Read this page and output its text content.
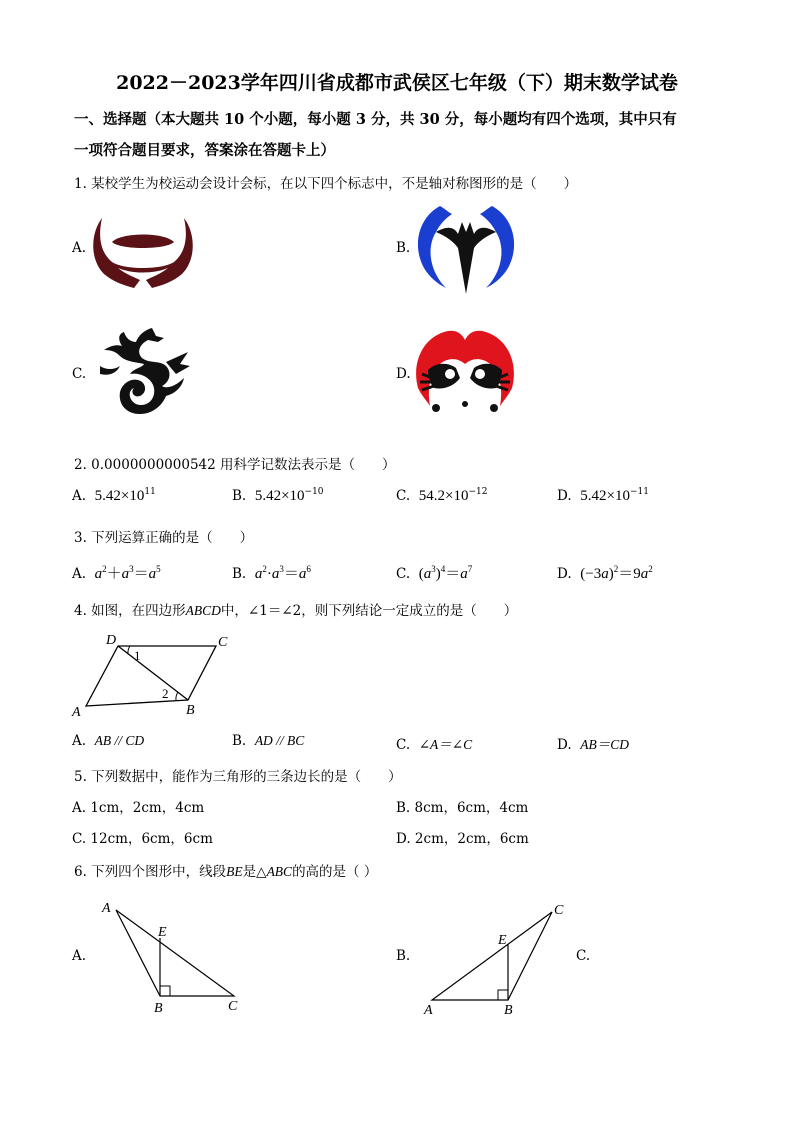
2022－2023学年四川省成都市武侯区七年级（下）期末数学试卷
一、选择题（本大题共 10 个小题，每小题 3 分，共 30 分，每小题均有四个选项，其中只有
一项符合题目要求，答案涂在答题卡上）
1. 某校学生为校运动会设计会标，在以下四个标志中，不是轴对称图形的是（　　）
A.	B.
C.	D.
2. 0.0000000000542 用科学记数法表示是（　　）
A. $5.42\times 10^{11}$	B. $5.42\times 10^{-10}$	C. $54.2\times 10^{-12}$	D. $5.42\times 10^{-11}$
3. 下列运算正确的是（　　）
A. $a^2+a^3=a^5$	B. $a^2\cdot a^3=a^6$	C. $(a^3)^4=a^7$	D. $(-3a)^2=9a^2$
4. 如图，在四边形ABCD中，∠1＝∠2，则下列结论一定成立的是（　　）
D	C
A	B
1
2
A. AB // CD	B. AD // BC	C. ∠A＝∠C	D. AB＝CD
5. 下列数据中，能作为三角形的三条边长的是（　　）
A. 1cm，2cm，4cm	B. 8cm，6cm，4cm
C. 12cm，6cm，6cm	D. 2cm，2cm，6cm
6. 下列四个图形中，线段BE是△ABC的高的是（ ）
A.
A
E
B	C
B.
A
E
B
C
C.
